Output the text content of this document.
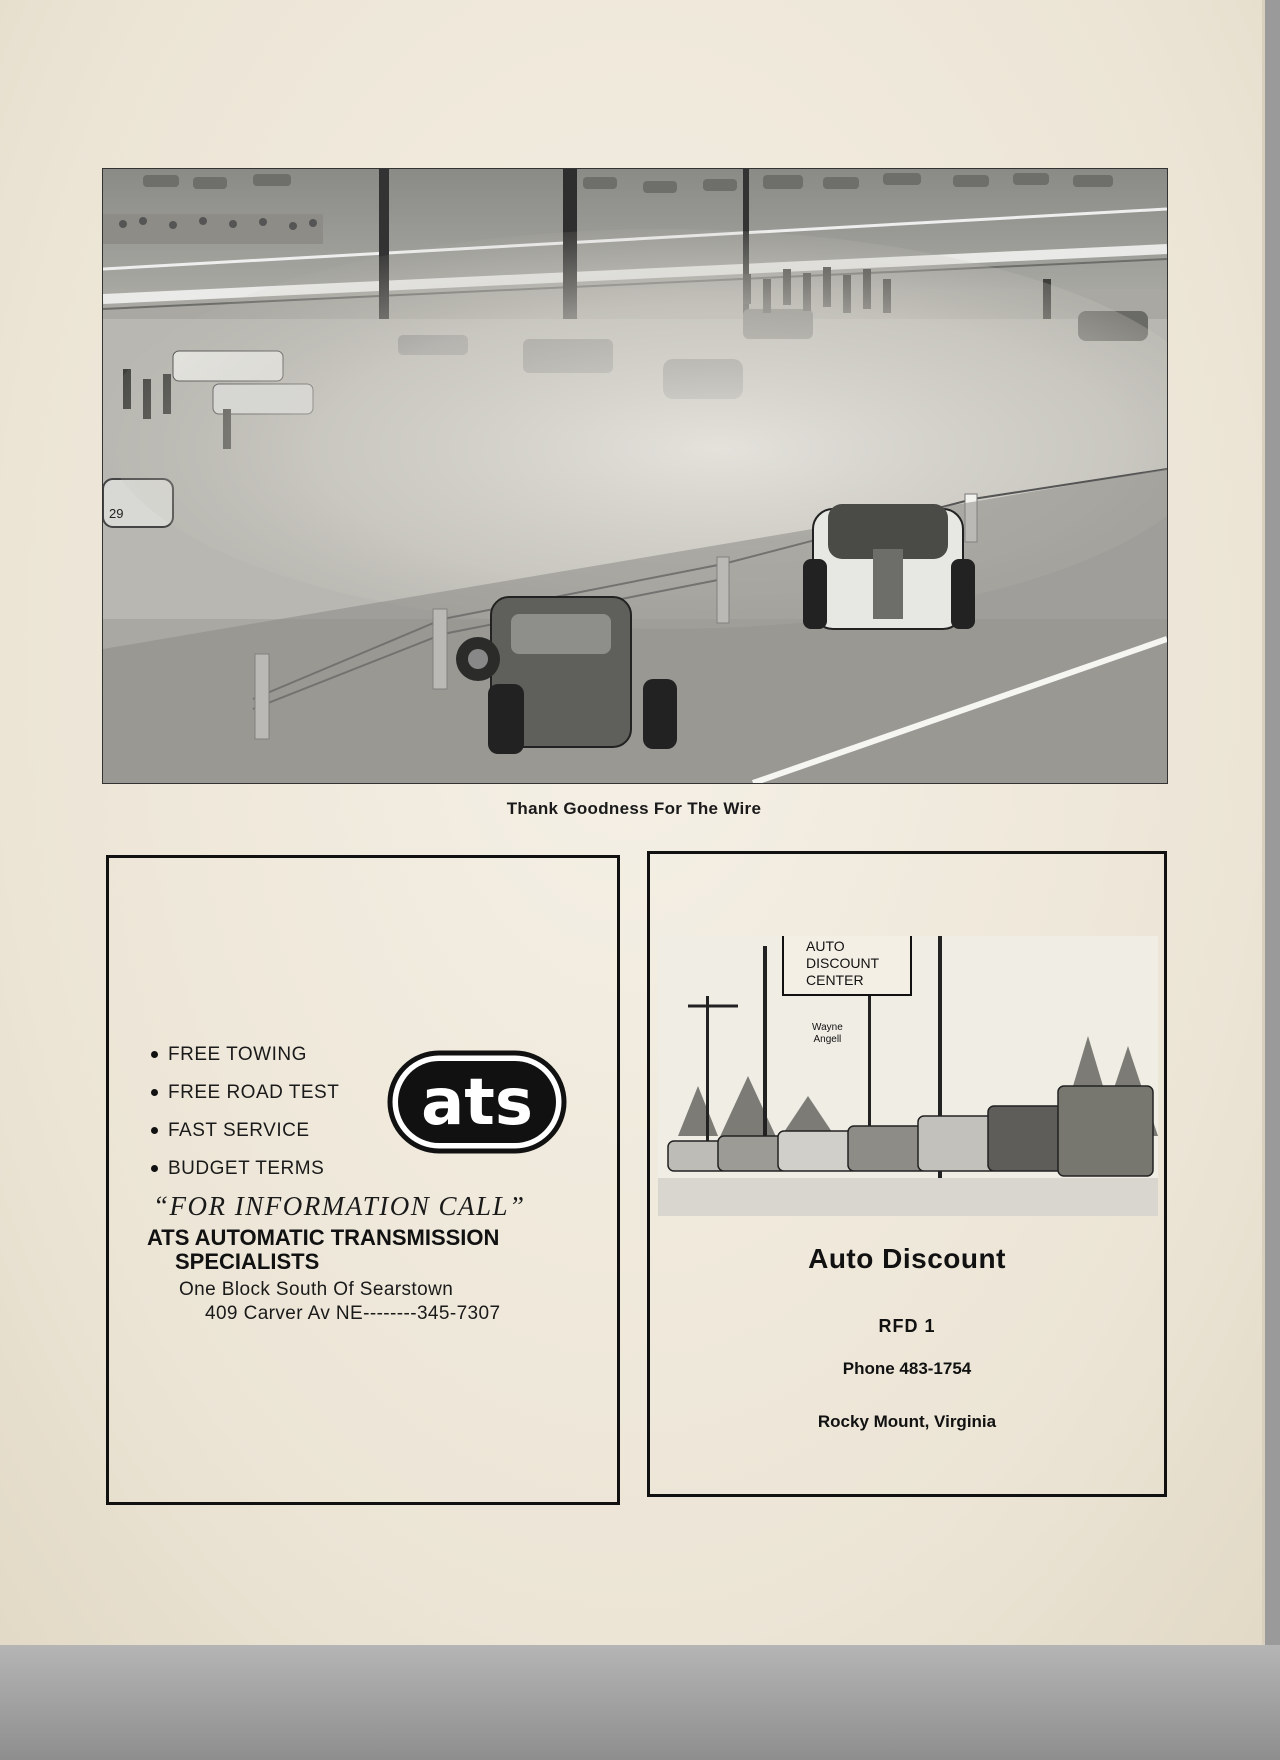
29

Thank Goodness For The Wire
FREE TOWING
FREE ROAD TEST
FAST SERVICE
BUDGET TERMS
ats
“FOR INFORMATION CALL”
ATS AUTOMATIC TRANSMISSION
SPECIALISTS
One Block South Of Searstown
409 Carver Av NE--------345-7307
AUTO
DISCOUNT
CENTER
Wayne
Angell
Auto Discount
RFD 1
Phone 483-1754
Rocky Mount, Virginia
